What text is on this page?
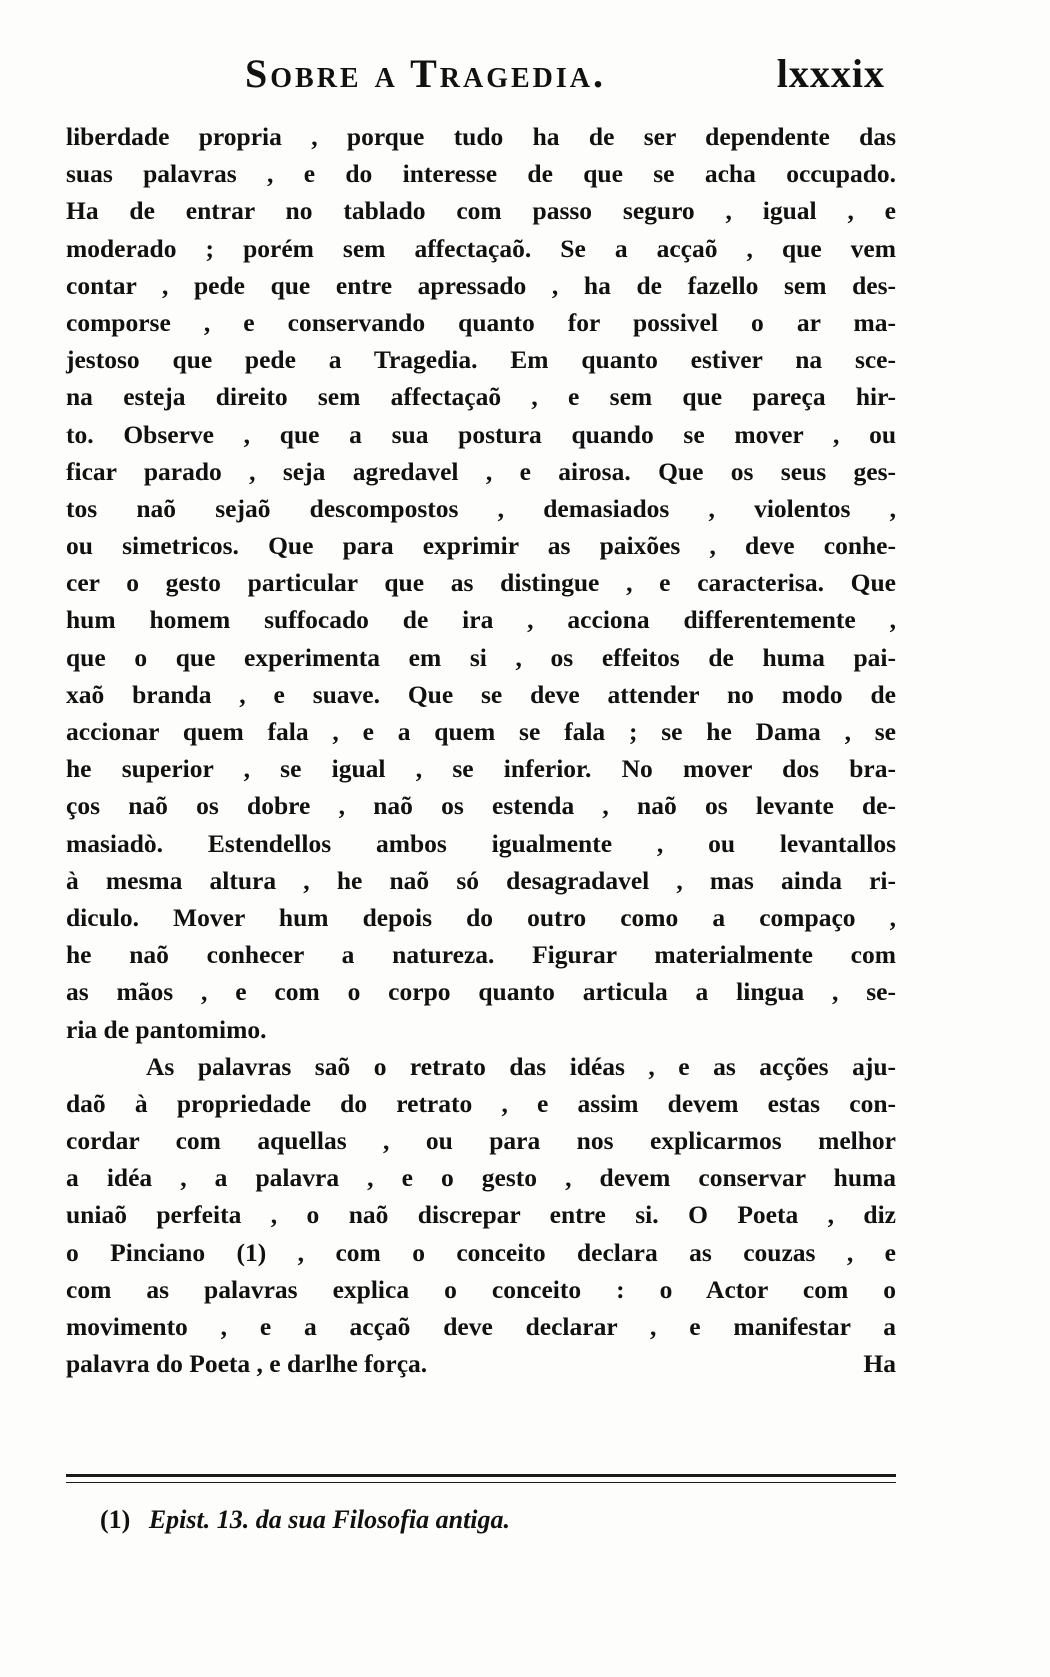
Sobre a Tragedia.	lxxxix
liberdade propria , porque tudo ha de ser dependente das
suas palavras , e do interesse de que se acha occupado.
Ha de entrar no tablado com passo seguro , igual , e
moderado ; porém sem affectaçaõ. Se a acçaõ , que vem
contar , pede que entre apressado , ha de fazello sem des-
comporse , e conservando quanto for possivel o ar ma-
jestoso que pede a Tragedia. Em quanto estiver na sce-
na esteja direito sem affectaçaõ , e sem que pareça hir-
to. Observe , que a sua postura quando se mover , ou
ficar parado , seja agredavel , e airosa. Que os seus ges-
tos naõ sejaõ descompostos , demasiados , violentos ,
ou simetricos. Que para exprimir as paixões , deve conhe-
cer o gesto particular que as distingue , e caracterisa. Que
hum homem suffocado de ira , acciona differentemente ,
que o que experimenta em si , os effeitos de huma pai-
xaõ branda , e suave. Que se deve attender no modo de
accionar quem fala , e a quem se fala ; se he Dama , se
he superior , se igual , se inferior. No mover dos bra-
ços naõ os dobre , naõ os estenda , naõ os levante de-
masiadò. Estendellos ambos igualmente , ou levantallos
à mesma altura , he naõ só desagradavel , mas ainda ri-
diculo. Mover hum depois do outro como a compaço ,
he naõ conhecer a natureza. Figurar materialmente com
as mãos , e com o corpo quanto articula a lingua , se-
ria de pantomimo.
As palavras saõ o retrato das idéas , e as acções aju-
daõ à propriedade do retrato , e assim devem estas con-
cordar com aquellas , ou para nos explicarmos melhor
a idéa , a palavra , e o gesto , devem conservar huma
uniaõ perfeita , o naõ discrepar entre si. O Poeta , diz
o Pinciano (1) , com o conceito declara as couzas , e
com as palavras explica o conceito : o Actor com o
movimento , e a acçaõ deve declarar , e manifestar a
palavra do Poeta , e darlhe força.	Ha
(1) Epist. 13. da sua Filosofia antiga.
